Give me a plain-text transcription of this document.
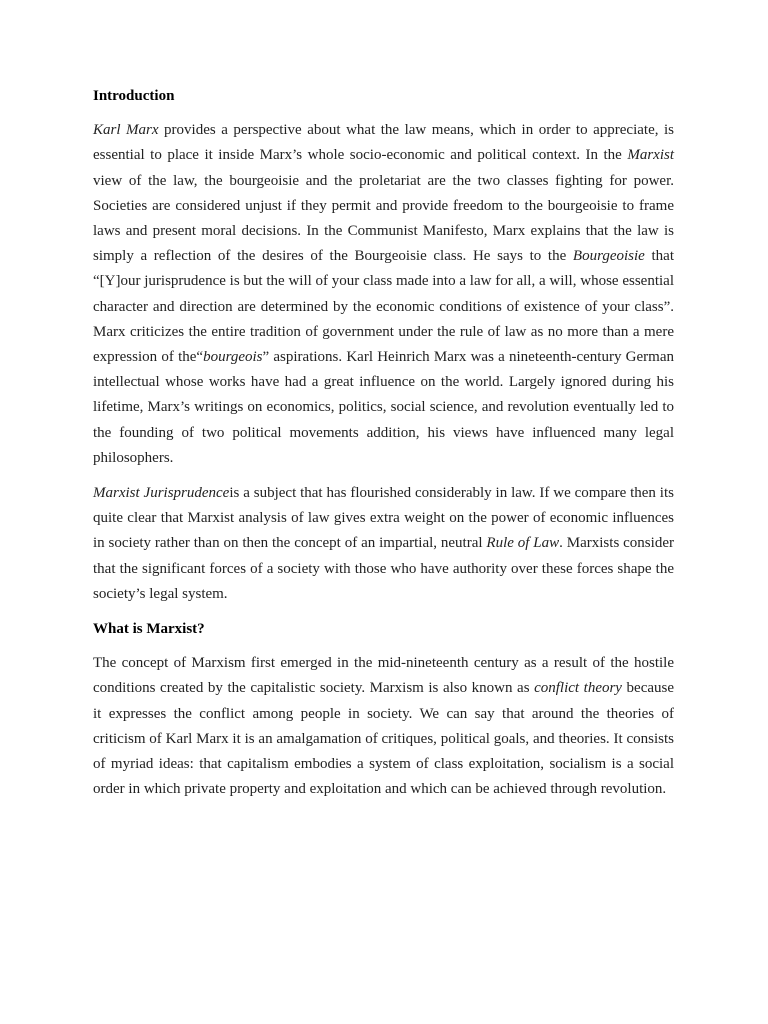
Introduction

Karl Marx provides a perspective about what the law means, which in order to appreciate, is essential to place it inside Marx’s whole socio-economic and political context. In the Marxist view of the law, the bourgeoisie and the proletariat are the two classes fighting for power. Societies are considered unjust if they permit and provide freedom to the bourgeoisie to frame laws and present moral decisions. In the Communist Manifesto, Marx explains that the law is simply a reflection of the desires of the Bourgeoisie class. He says to the Bourgeoisie that “[Y]our jurisprudence is but the will of your class made into a law for all, a will, whose essential character and direction are determined by the economic conditions of existence of your class”. Marx criticizes the entire tradition of government under the rule of law as no more than a mere expression of the“bourgeois” aspirations. Karl Heinrich Marx was a nineteenth-century German intellectual whose works have had a great influence on the world. Largely ignored during his lifetime, Marx’s writings on economics, politics, social science, and revolution eventually led to the founding of two political movements addition, his views have influenced many legal philosophers.

Marxist Jurisprudenceis a subject that has flourished considerably in law. If we compare then its quite clear that Marxist analysis of law gives extra weight on the power of economic influences in society rather than on then the concept of an impartial, neutral Rule of Law. Marxists consider that the significant forces of a society with those who have authority over these forces shape the society’s legal system.

What is Marxist?

The concept of Marxism first emerged in the mid-nineteenth century as a result of the hostile conditions created by the capitalistic society. Marxism is also known as conflict theory because it expresses the conflict among people in society. We can say that around the theories of criticism of Karl Marx it is an amalgamation of critiques, political goals, and theories. It consists of myriad ideas: that capitalism embodies a system of class exploitation, socialism is a social order in which private property and exploitation and which can be achieved through revolution.
